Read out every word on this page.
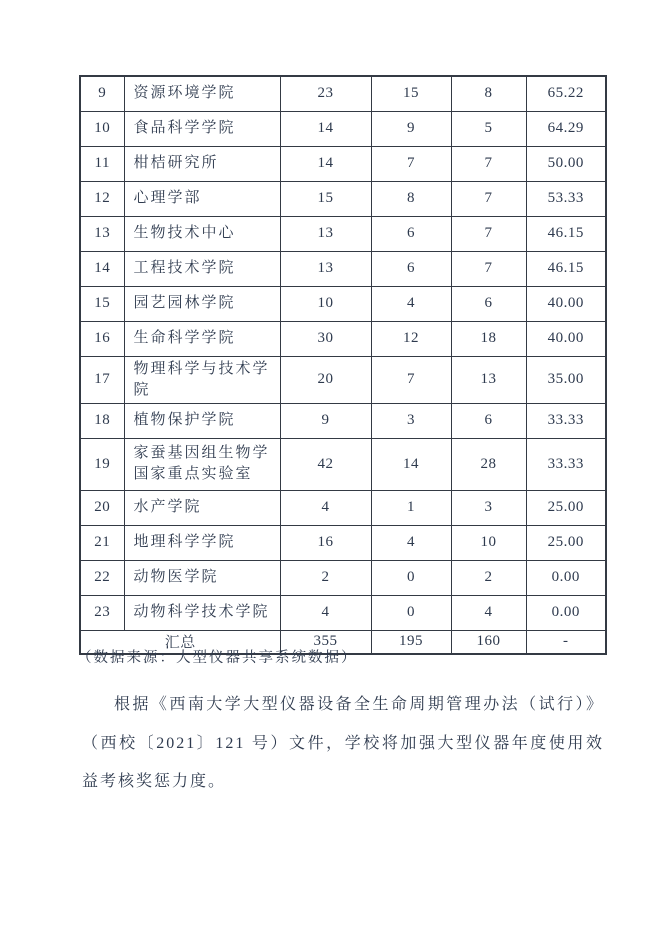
9	资源环境学院	23	15	8	65.22
10	食品科学学院	14	9	5	64.29
11	柑桔研究所	14	7	7	50.00
12	心理学部	15	8	7	53.33
13	生物技术中心	13	6	7	46.15
14	工程技术学院	13	6	7	46.15
15	园艺园林学院	10	4	6	40.00
16	生命科学学院	30	12	18	40.00
17	物理科学与技术学院	20	7	13	35.00
18	植物保护学院	9	3	6	33.33
19	家蚕基因组生物学国家重点实验室	42	14	28	33.33
20	水产学院	4	1	3	25.00
21	地理科学学院	16	4	10	25.00
22	动物医学院	2	0	2	0.00
23	动物科学技术学院	4	0	4	0.00
汇总		355	195	160	-
（数据来源：大型仪器共享系统数据）

根据《西南大学大型仪器设备全生命周期管理办法（试行）》（西校〔2021〕121 号）文件，学校将加强大型仪器年度使用效益考核奖惩力度。
